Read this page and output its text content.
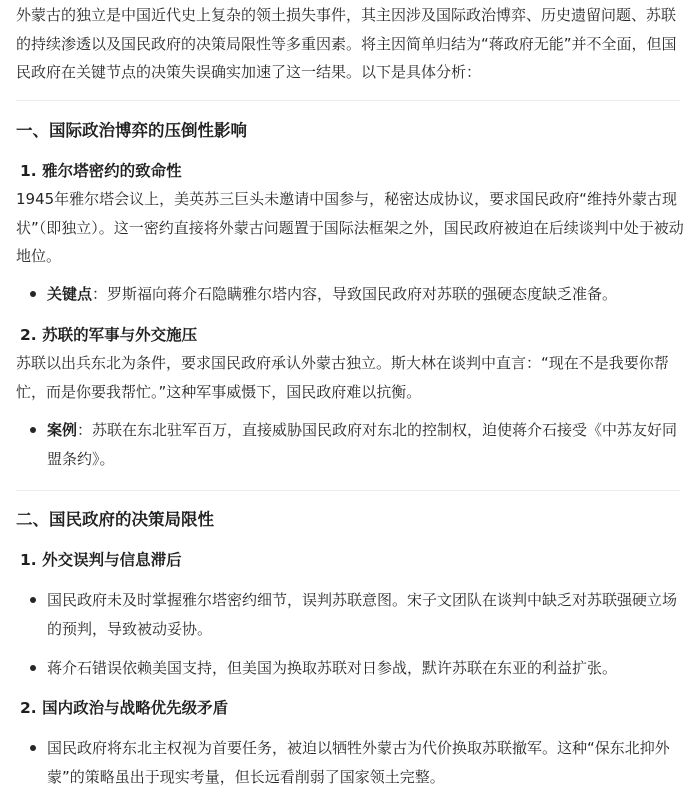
外蒙古的独立是中国近代史上复杂的领土损失事件，其主因涉及国际政治博弈、历史遗留问题、苏联的持续渗透以及国民政府的决策局限性等多重因素。将主因简单归结为“蒋政府无能”并不全面，但国民政府在关键节点的决策失误确实加速了这一结果。以下是具体分析：
一、国际政治博弈的压倒性影响
1. 雅尔塔密约的致命性
1945年雅尔塔会议上，美英苏三巨头未邀请中国参与，秘密达成协议，要求国民政府“维持外蒙古现状”（即独立）。这一密约直接将外蒙古问题置于国际法框架之外，国民政府被迫在后续谈判中处于被动地位。
关键点：罗斯福向蒋介石隐瞒雅尔塔内容，导致国民政府对苏联的强硬态度缺乏准备。
2. 苏联的军事与外交施压
苏联以出兵东北为条件，要求国民政府承认外蒙古独立。斯大林在谈判中直言：“现在不是我要你帮忙，而是你要我帮忙。”这种军事威慑下，国民政府难以抗衡。
案例：苏联在东北驻军百万，直接威胁国民政府对东北的控制权，迫使蒋介石接受《中苏友好同盟条约》。
二、国民政府的决策局限性
1. 外交误判与信息滞后
国民政府未及时掌握雅尔塔密约细节，误判苏联意图。宋子文团队在谈判中缺乏对苏联强硬立场的预判，导致被动妥协。
蒋介石错误依赖美国支持，但美国为换取苏联对日参战，默许苏联在东亚的利益扩张。
2. 国内政治与战略优先级矛盾
国民政府将东北主权视为首要任务，被迫以牺牲外蒙古为代价换取苏联撤军。这种“保东北抑外蒙”的策略虽出于现实考量，但长远看削弱了国家领土完整。
